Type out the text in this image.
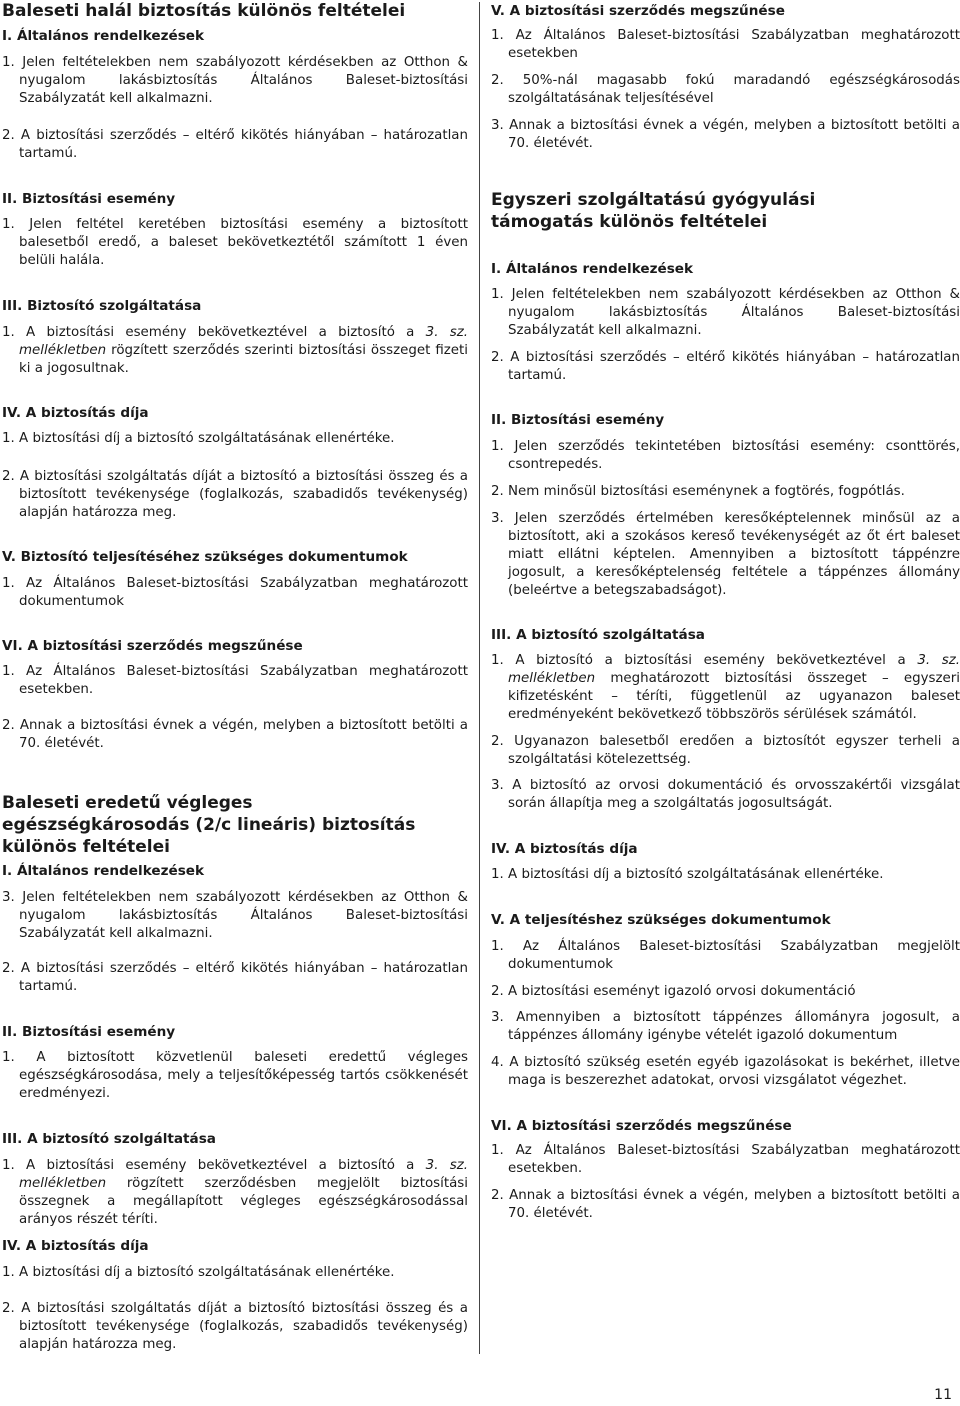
Baleseti halál biztosítás különös feltételei
I. Általános rendelkezések

1. Jelen feltételekben nem szabályozott kérdésekben az Otthon & nyugalom lakásbiztosítás Általános Baleset-biztosítási Szabályzatát kell alkalmazni.

2. A biztosítási szerződés – eltérő kikötés hiányában – határozatlan tartamú.

II. Biztosítási esemény

1. Jelen feltétel keretében biztosítási esemény a biztosított balesetből eredő, a baleset bekövetkeztétől számított 1 éven belüli halála.

III. Biztosító szolgáltatása

1. A biztosítási esemény bekövetkeztével a biztosító a 3. sz. mellékletben rögzített szerződés szerinti biztosítási összeget fizeti ki a jogosultnak.

IV. A biztosítás díja

1. A biztosítási díj a biztosító szolgáltatásának ellenértéke.

2. A biztosítási szolgáltatás díját a biztosító a biztosítási összeg és a biztosított tevékenysége (foglalkozás, szabadidős tevékenység) alapján határozza meg.

V. Biztosító teljesítéséhez szükséges dokumentumok

1. Az Általános Baleset-biztosítási Szabályzatban meghatározott dokumentumok

VI. A biztosítási szerződés megszűnése

1. Az Általános Baleset-biztosítási Szabályzatban meghatározott esetekben.

2. Annak a biztosítási évnek a végén, melyben a biztosított betölti a 70. életévét.

Baleseti eredetű végleges egészségkárosodás (2/c lineáris) biztosítás különös feltételei
I. Általános rendelkezések

3. Jelen feltételekben nem szabályozott kérdésekben az Otthon & nyugalom lakásbiztosítás Általános Baleset-biztosítási Szabályzatát kell alkalmazni.

2. A biztosítási szerződés – eltérő kikötés hiányában – határozatlan tartamú.

II. Biztosítási esemény

1. A biztosított közvetlenül baleseti eredettű végleges egészségkárosodása, mely a teljesítőképesség tartós csökkenését eredményezi.

III. A biztosító szolgáltatása

1. A biztosítási esemény bekövetkeztével a biztosító a 3. sz. mellékletben rögzített szerződésben megjelölt biztosítási összegnek a megállapított végleges egészségkárosodással arányos részét téríti.

IV. A biztosítás díja

1. A biztosítási díj a biztosító szolgáltatásának ellenértéke.

2. A biztosítási szolgáltatás díját a biztosító biztosítási összeg és a biztosított tevékenysége (foglalkozás, szabadidős tevékenység) alapján határozza meg.

V. A biztosítási szerződés megszűnése

1. Az Általános Baleset-biztosítási Szabályzatban meghatározott esetekben

2. 50%-nál magasabb fokú maradandó egészségkárosodás szolgáltatásának teljesítésével

3. Annak a biztosítási évnek a végén, melyben a biztosított betölti a 70. életévét.

Egyszeri szolgáltatású gyógyulási támogatás különös feltételei
I. Általános rendelkezések

1. Jelen feltételekben nem szabályozott kérdésekben az Otthon & nyugalom lakásbiztosítás Általános Baleset-biztosítási Szabályzatát kell alkalmazni.

2. A biztosítási szerződés – eltérő kikötés hiányában – határozatlan tartamú.

II. Biztosítási esemény

1. Jelen szerződés tekintetében biztosítási esemény: csonttörés, csontrepedés.

2. Nem minősül biztosítási eseménynek a fogtörés, fogpótlás.

3. Jelen szerződés értelmében keresőképtelennek minősül az a biztosított, aki a szokásos kereső tevékenységét az őt ért baleset miatt ellátni képtelen. Amennyiben a biztosított táppénzre jogosult, a keresőképtelenség feltétele a táppénzes állomány (beleértve a betegszabadságot).

III. A biztosító szolgáltatása

1. A biztosító a biztosítási esemény bekövetkeztével a 3. sz. mellékletben meghatározott biztosítási összeget – egyszeri kifizetésként – téríti, függetlenül az ugyanazon baleset eredményeként bekövetkező többszörös sérülések számától.

2. Ugyanazon balesetből eredően a biztosítót egyszer terheli a szolgáltatási kötelezettség.

3. A biztosító az orvosi dokumentáció és orvosszakértői vizsgálat során állapítja meg a szolgáltatás jogosultságát.

IV. A biztosítás díja

1. A biztosítási díj a biztosító szolgáltatásának ellenértéke.

V. A teljesítéshez szükséges dokumentumok

1. Az Általános Baleset-biztosítási Szabályzatban megjelölt dokumentumok

2. A biztosítási eseményt igazoló orvosi dokumentáció

3. Amennyiben a biztosított táppénzes állományra jogosult, a táppénzes állomány igénybe vételét igazoló dokumentum

4. A biztosító szükség esetén egyéb igazolásokat is bekérhet, illetve maga is beszerezhet adatokat, orvosi vizsgálatot végezhet.

VI. A biztosítási szerződés megszűnése

1. Az Általános Baleset-biztosítási Szabályzatban meghatározott esetekben.

2. Annak a biztosítási évnek a végén, melyben a biztosított betölti a 70. életévét.

11
